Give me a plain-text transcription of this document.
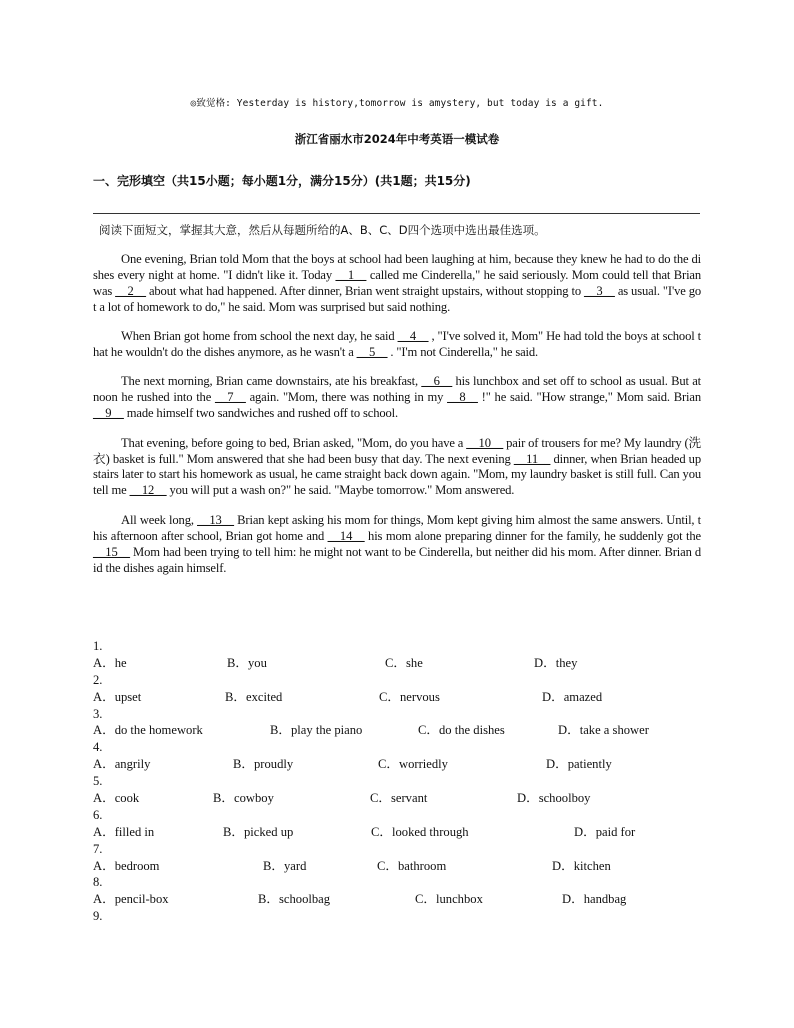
◎致觉格: Yesterday is history,tomorrow is amystery, but today is a gift.
浙江省丽水市2024年中考英语一模试卷
一、完形填空（共15小题；每小题1分，满分15分）(共1题；共15分)
阅读下面短文，掌握其大意，然后从每题所给的A、B、C、D四个选项中选出最佳选项。

One evening, Brian told Mom that the boys at school had been laughing at him, because they knew he had to do the dishes every night at home. "I didn't like it. Today __1__ called me Cinderella," he said seriously. Mom could tell that Brian was __2__ about what had happened. After dinner, Brian went straight upstairs, without stopping to __3__ as usual. "I've got a lot of homework to do," he said. Mom was surprised but said nothing.

When Brian got home from school the next day, he said __4__ , "I've solved it, Mom" He had told the boys at school that he wouldn't do the dishes anymore, as he wasn't a __5__ . "I'm not Cinderella," he said.

The next morning, Brian came downstairs, ate his breakfast, __6__ his lunchbox and set off to school as usual. But at noon he rushed into the __7__ again. "Mom, there was nothing in my __8__ !" he said. "How strange," Mom said. Brian __9__ made himself two sandwiches and rushed off to school.

That evening, before going to bed, Brian asked, "Mom, do you have a __10__ pair of trousers for me? My laundry (洗衣) basket is full." Mom answered that she had been busy that day. The next evening __11__ dinner, when Brian headed upstairs later to start his homework as usual, he came straight back down again. "Mom, my laundry basket is still full. Can you tell me __12__ you will put a wash on?" he said. "Maybe tomorrow." Mom answered.

All week long, __13__ Brian kept asking his mom for things, Mom kept giving him almost the same answers. Until, this afternoon after school, Brian got home and __14__ his mom alone preparing dinner for the family, he suddenly got the __15__ Mom had been trying to tell him: he might not want to be Cinderella, but neither did his mom. After dinner. Brian did the dishes again himself.

1.
A．he	B．you	C．she	D．they
2.
A．upset	B．excited	C．nervous	D．amazed
3.
A．do the homework	B．play the piano	C．do the dishes	D．take a shower
4.
A．angrily	B．proudly	C．worriedly	D．patiently
5.
A．cook	B．cowboy	C．servant	D．schoolboy
6.
A．filled in	B．picked up	C．looked through	D．paid for
7.
A．bedroom	B．yard	C．bathroom	D．kitchen
8.
A．pencil-box	B．schoolbag	C．lunchbox	D．handbag
9.
